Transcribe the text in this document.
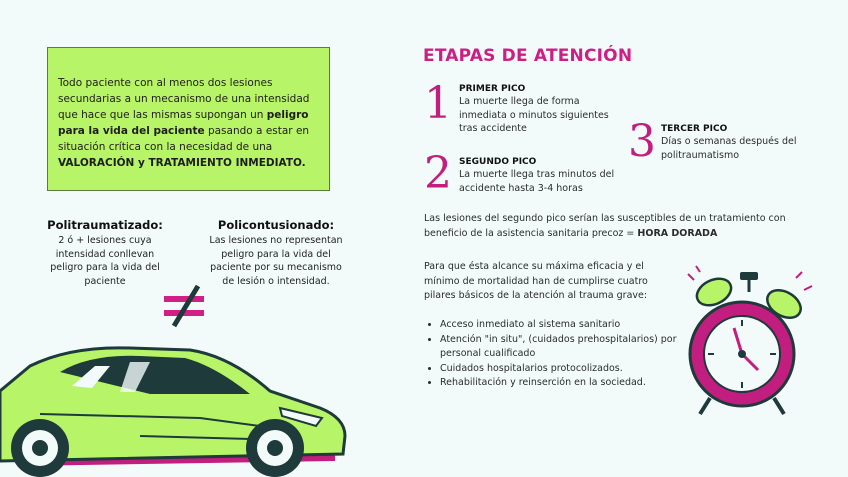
Todo paciente con al menos dos lesiones secundarias a un mecanismo de una intensidad que hace que las mismas supongan un peligro para la vida del paciente pasando a estar en situación crítica con la necesidad de una VALORACIÓN y TRATAMIENTO INMEDIATO.
Politraumatizado:
2 ó + lesiones cuya intensidad conllevan peligro para la vida del paciente
Policontusionado:
Las lesiones no representan peligro para la vida del paciente por su mecanismo de lesión o intensidad.
ETAPAS DE ATENCIÓN
1 PRIMER PICO
La muerte llega de forma inmediata o minutos siguientes tras accidente
2 SEGUNDO PICO
La muerte llega tras minutos del accidente hasta 3-4 horas
3 TERCER PICO
Días o semanas después del politraumatismo
Las lesiones del segundo pico serían las susceptibles de un tratamiento con beneficio de la asistencia sanitaria precoz = HORA DORADA
Para que ésta alcance su máxima eficacia y el mínimo de mortalidad han de cumplirse cuatro pilares básicos de la atención al trauma grave:
• Acceso inmediato al sistema sanitario
• Atención "in situ", (cuidados prehospitalarios) por personal cualificado
• Cuidados hospitalarios protocolizados.
• Rehabilitación y reinserción en la sociedad.
